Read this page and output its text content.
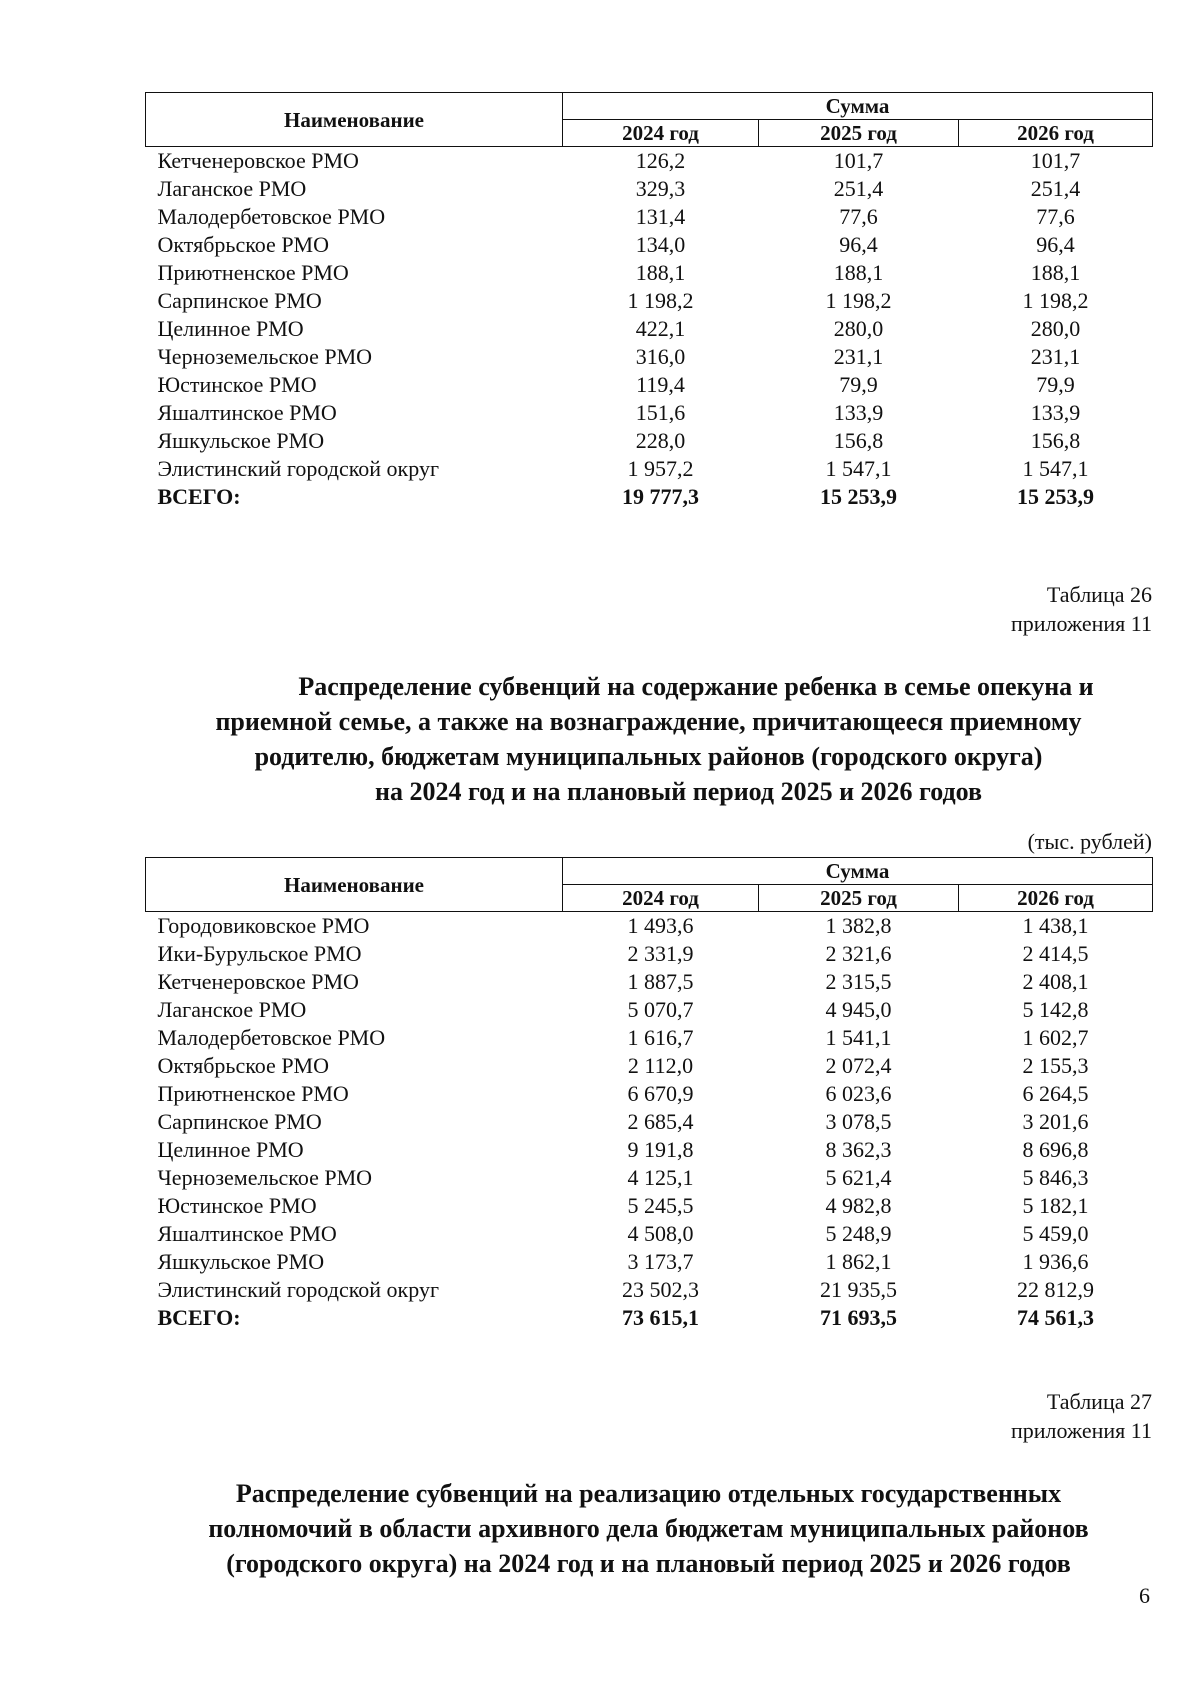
Наименование	Сумма		
	2024 год	2025 год	2026 год
Кетченеровское РМО	126,2	101,7	101,7
Лаганское РМО	329,3	251,4	251,4
Малодербетовское РМО	131,4	77,6	77,6
Октябрьское РМО	134,0	96,4	96,4
Приютненское РМО	188,1	188,1	188,1
Сарпинское РМО	1 198,2	1 198,2	1 198,2
Целинное РМО	422,1	280,0	280,0
Черноземельское РМО	316,0	231,1	231,1
Юстинское РМО	119,4	79,9	79,9
Яшалтинское РМО	151,6	133,9	133,9
Яшкульское РМО	228,0	156,8	156,8
Элистинский городской округ	1 957,2	1 547,1	1 547,1
ВСЕГО:	19 777,3	15 253,9	15 253,9
Таблица 26
приложения 11
Распределение субвенций на содержание ребенка в семье опекуна и
приемной семье, а также на вознаграждение, причитающееся приемному
родителю, бюджетам муниципальных районов (городского округа)
на 2024 год и на плановый период 2025 и 2026 годов
(тыс. рублей)
Наименование	Сумма		
	2024 год	2025 год	2026 год
Городовиковское РМО	1 493,6	1 382,8	1 438,1
Ики-Бурульское РМО	2 331,9	2 321,6	2 414,5
Кетченеровское РМО	1 887,5	2 315,5	2 408,1
Лаганское РМО	5 070,7	4 945,0	5 142,8
Малодербетовское РМО	1 616,7	1 541,1	1 602,7
Октябрьское РМО	2 112,0	2 072,4	2 155,3
Приютненское РМО	6 670,9	6 023,6	6 264,5
Сарпинское РМО	2 685,4	3 078,5	3 201,6
Целинное РМО	9 191,8	8 362,3	8 696,8
Черноземельское РМО	4 125,1	5 621,4	5 846,3
Юстинское РМО	5 245,5	4 982,8	5 182,1
Яшалтинское РМО	4 508,0	5 248,9	5 459,0
Яшкульское РМО	3 173,7	1 862,1	1 936,6
Элистинский городской округ	23 502,3	21 935,5	22 812,9
ВСЕГО:	73 615,1	71 693,5	74 561,3
Таблица 27
приложения 11
Распределение субвенций на реализацию отдельных государственных
полномочий в области архивного дела бюджетам муниципальных районов
(городского округа) на 2024 год и на плановый период 2025 и 2026 годов
6
